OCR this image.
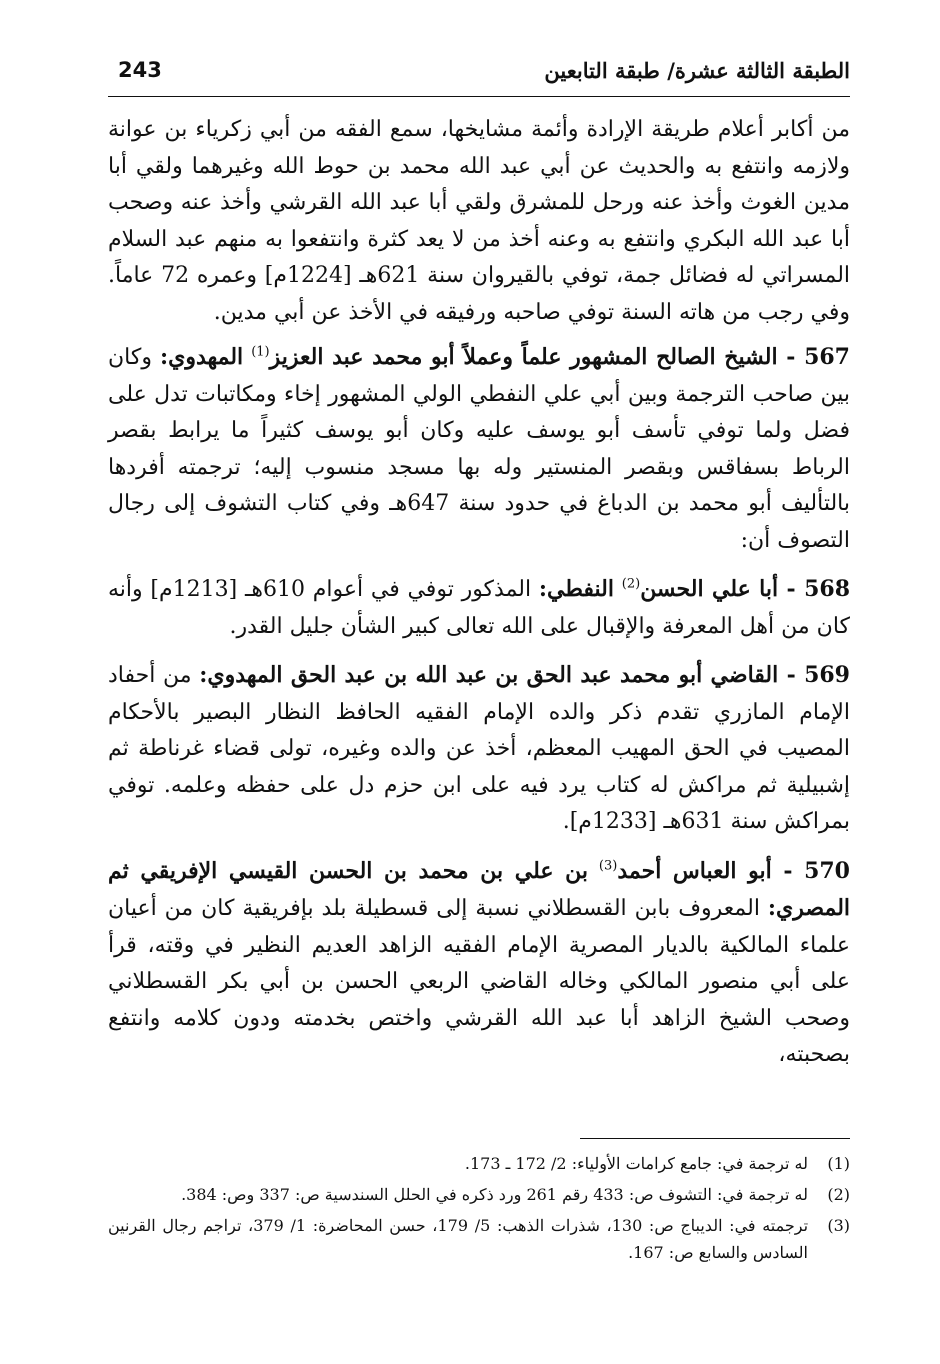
243	الطبقة الثالثة عشرة/ طبقة التابعين

من أكابر أعلام طريقة الإرادة وأئمة مشايخها، سمع الفقه من أبي زكرياء بن عوانة ولازمه وانتفع به والحديث عن أبي عبد الله محمد بن حوط الله وغيرهما ولقي أبا مدين الغوث وأخذ عنه ورحل للمشرق ولقي أبا عبد الله القرشي وأخذ عنه وصحب أبا عبد الله البكري وانتفع به وعنه أخذ من لا يعد كثرة وانتفعوا به منهم عبد السلام المسراتي له فضائل جمة، توفي بالقيروان سنة 621هـ [1224م] وعمره 72 عاماً. وفي رجب من هاته السنة توفي صاحبه ورفيقه في الأخذ عن أبي مدين.

567 - الشيخ الصالح المشهور علماً وعملاً أبو محمد عبد العزيز$^{(1)}$ المهدوي: وكان بين صاحب الترجمة وبين أبي علي النفطي الولي المشهور إخاء ومكاتبات تدل على فضل ولما توفي تأسف أبو يوسف عليه وكان أبو يوسف كثيراً ما يرابط بقصر الرباط بسفاقس وبقصر المنستير وله بها مسجد منسوب إليه؛ ترجمته أفردها بالتأليف أبو محمد بن الدباغ في حدود سنة 647هـ وفي كتاب التشوف إلى رجال التصوف أن:

568 - أبا علي الحسن$^{(2)}$ النفطي: المذكور توفي في أعوام 610هـ [1213م] وأنه كان من أهل المعرفة والإقبال على الله تعالى كبير الشأن جليل القدر.

569 - القاضي أبو محمد عبد الحق بن عبد الله بن عبد الحق المهدوي: من أحفاد الإمام المازري تقدم ذكر والده الإمام الفقيه الحافظ النظار البصير بالأحكام المصيب في الحق المهيب المعظم، أخذ عن والده وغيره، تولى قضاء غرناطة ثم إشبيلية ثم مراكش له كتاب يرد فيه على ابن حزم دل على حفظه وعلمه. توفي بمراكش سنة 631هـ [1233م].

570 - أبو العباس أحمد$^{(3)}$ بن علي بن محمد بن الحسن القيسي الإفريقي ثم المصري: المعروف بابن القسطلاني نسبة إلى قسطيلة بلد بإفريقية كان من أعيان علماء المالكية بالديار المصرية الإمام الفقيه الزاهد العديم النظير في وقته، قرأ على أبي منصور المالكي وخاله القاضي الربعي الحسن بن أبي بكر القسطلاني وصحب الشيخ الزاهد أبا عبد الله القرشي واختص بخدمته ودون كلامه وانتفع بصحبته،

(1)
له ترجمة في: جامع كرامات الأولياء: 2/ 172 ـ 173.
(2)
له ترجمة في: التشوف ص: 433 رقم 261 ورد ذكره في الحلل السندسية ص: 337 وص: 384.
(3)
ترجمته في: الديباج ص: 130، شذرات الذهب: 5/ 179، حسن المحاضرة: 1/ 379، تراجم رجال القرنين السادس والسابع ص: 167.
